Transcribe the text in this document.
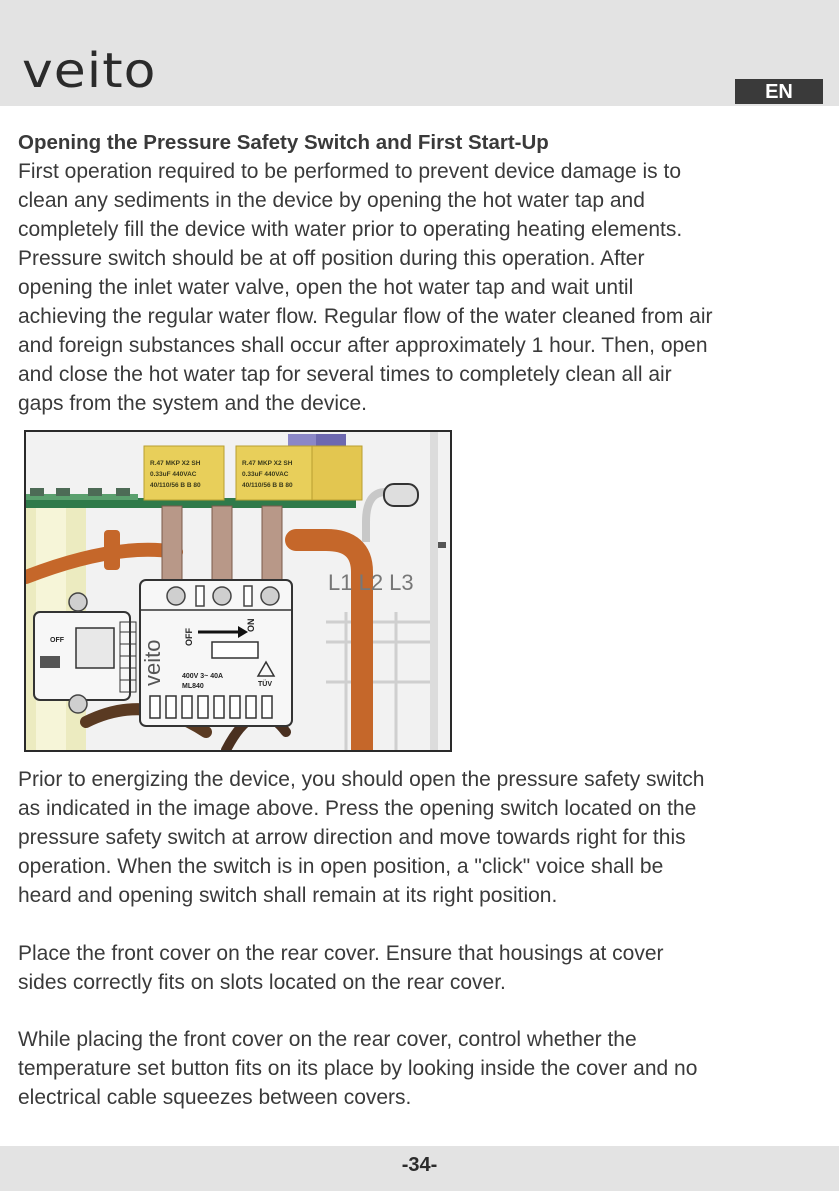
veito	EN

Opening the Pressure Safety Switch and First Start-Up

First operation required to be performed to prevent device damage is to
clean any sediments in the device by opening the hot water tap and
completely fill the device with water prior to operating heating elements.
Pressure switch should be at off position during this operation. After
opening the inlet water valve, open the hot water tap and wait until
achieving the regular water flow. Regular flow of the water cleaned from air
and foreign substances shall occur after approximately 1 hour. Then, open
and close the hot water tap for several times to completely clean all air
gaps from the system and the device.

R.47 MKP X2 SH
0.33uF 440VAC
40/110/56 B B 80
R.47 MKP X2 SH
0.33uF 440VAC
40/110/56 B B 80
L1 L2 L3
veito
OFF
ON
400V 3~ 40A
ML840	TÜV
OFF

Prior to energizing the device, you should open the pressure safety switch
as indicated in the image above. Press the opening switch located on the
pressure safety switch at arrow direction and move towards right for this
operation. When the switch is in open position, a "click" voice shall be
heard and opening switch shall remain at its right position.

Place the front cover on the rear cover. Ensure that housings at cover
sides correctly fits on slots located on the rear cover.

While placing the front cover on the rear cover, control whether the
temperature set button fits on its place by looking inside the cover and no
electrical cable squeezes between covers.

-34-
